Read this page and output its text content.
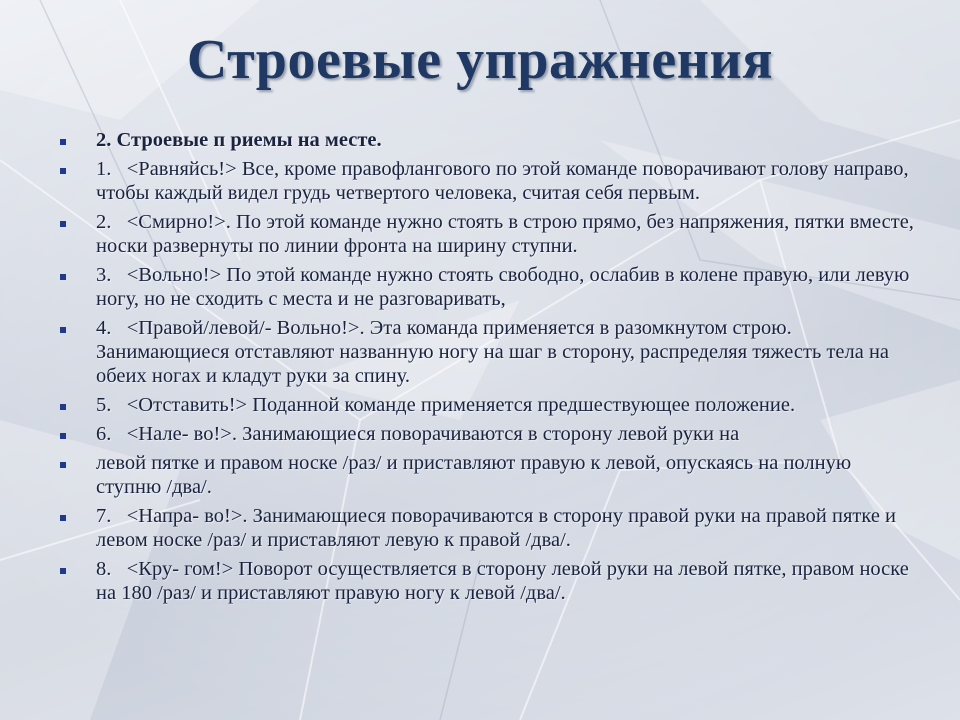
Строевые упражнения
2. Строевые п риемы на месте.
1.   <Равняйсь!> Все, кроме правофлангового по этой команде поворачивают голову направо, чтобы каждый видел грудь четвертого человека, считая себя первым.
2.   <Смирно!>. По этой команде нужно стоять в строю прямо, без напряжения, пятки вместе, носки развернуты по линии фронта на ширину ступни.
3.   <Вольно!> По этой команде нужно стоять свободно, ослабив в колене правую, или левую ногу, но не сходить с места и не разговаривать,
4.   <Правой/левой/- Вольно!>. Эта команда применяется в разомкнутом строю. Занимающиеся отставляют названную ногу на шаг в сторону, распределяя тяжесть тела на обеих ногах и кладут руки за спину.
5.   <Отставить!> Поданной команде применяется предшествующее положение.
6.   <Нале- во!>. Занимающиеся поворачиваются в сторону левой руки на
левой пятке и правом носке /раз/ и приставляют правую к левой, опускаясь на полную ступню /два/.
7.   <Напра- во!>. Занимающиеся поворачиваются в сторону правой руки на правой пятке и левом носке /раз/ и приставляют левую к правой /два/.
8.   <Кру- гом!> Поворот осуществляется в сторону левой руки на левой пятке, правом носке на 180 /раз/ и приставляют правую ногу к левой /два/.
